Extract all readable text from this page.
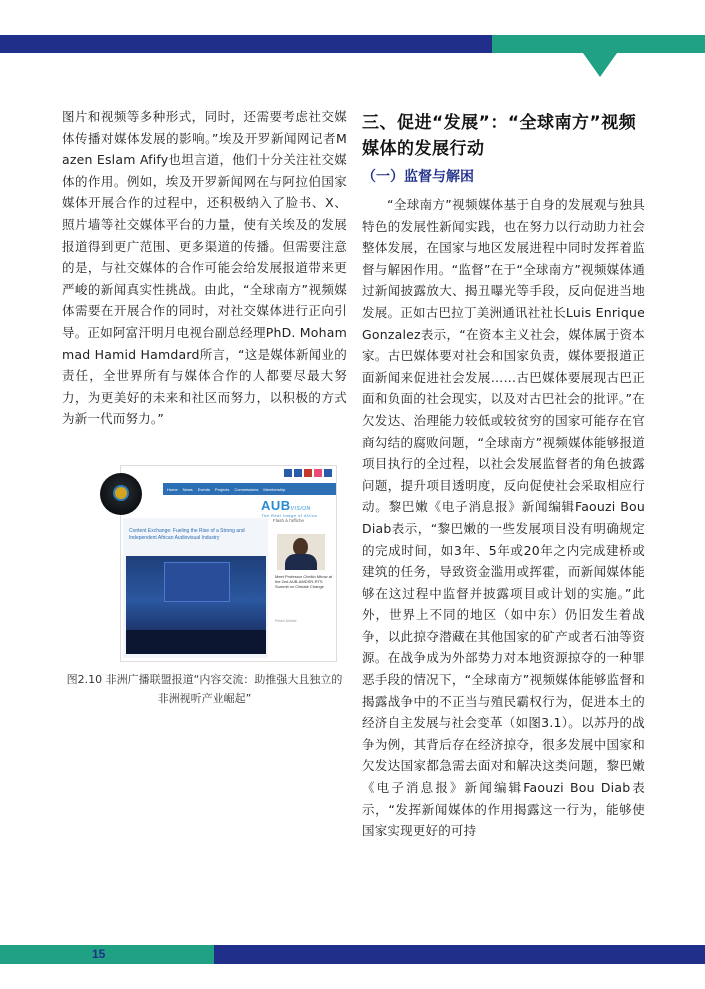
图片和视频等多种形式，同时，还需要考虑社交媒体传播对媒体发展的影响。”埃及开罗新闻网记者Mazen Eslam Afify也坦言道，他们十分关注社交媒体的作用。例如，埃及开罗新闻网在与阿拉伯国家媒体开展合作的过程中，还积极纳入了脸书、X、照片墙等社交媒体平台的力量，使有关埃及的发展报道得到更广范围、更多渠道的传播。但需要注意的是，与社交媒体的合作可能会给发展报道带来更严峻的新闻真实性挑战。由此，“全球南方”视频媒体需要在开展合作的同时，对社交媒体进行正向引导。正如阿富汗明月电视台副总经理PhD. Mohammad Hamid Hamdard所言，“这是媒体新闻业的责任，全世界所有与媒体合作的人都要尽最大努力，为更美好的未来和社区而努力，以积极的方式为新一代而努力。”

Home News Events Projects Commissions Membership
AUBVISION
The Real Image of Africa
Content Exchange: Fueling the Rise of a Strong and Independent African Audiovisual Industry
Flash à l'affiche
Meet Professor Cheikh Mbow at the 2nd AUB-AMDSR-RTS Summit on Climate Change
Read Article
图2.10 非洲广播联盟报道“内容交流：助推强大且独立的非洲视听产业崛起”
三、促进“发展”：“全球南方”视频媒体的发展行动
（一）监督与解困

“全球南方”视频媒体基于自身的发展观与独具特色的发展性新闻实践，也在努力以行动助力社会整体发展，在国家与地区发展进程中同时发挥着监督与解困作用。“监督”在于“全球南方”视频媒体通过新闻披露放大、揭丑曝光等手段，反向促进当地发展。正如古巴拉丁美洲通讯社社长Luis Enrique Gonzalez表示，“在资本主义社会，媒体属于资本家。古巴媒体要对社会和国家负责，媒体要报道正面新闻来促进社会发展……古巴媒体要展现古巴正面和负面的社会现实，以及对古巴社会的批评。”在欠发达、治理能力较低或较贫穷的国家可能存在官商勾结的腐败问题，“全球南方”视频媒体能够报道项目执行的全过程，以社会发展监督者的角色披露问题，提升项目透明度，反向促使社会采取相应行动。黎巴嫩《电子消息报》新闻编辑Faouzi Bou Diab表示，“黎巴嫩的一些发展项目没有明确规定的完成时间，如3年、5年或20年之内完成建桥或建筑的任务，导致资金滥用或挥霍，而新闻媒体能够在这过程中监督并披露项目或计划的实施。”此外，世界上不同的地区（如中东）仍旧发生着战争，以此掠夺潜藏在其他国家的矿产或者石油等资源。在战争成为外部势力对本地资源掠夺的一种罪恶手段的情况下，“全球南方”视频媒体能够监督和揭露战争中的不正当与殖民霸权行为，促进本土的经济自主发展与社会变革（如图3.1）。以苏丹的战争为例，其背后存在经济掠夺，很多发展中国家和欠发达国家都急需去面对和解决这类问题，黎巴嫩《电子消息报》新闻编辑Faouzi Bou Diab表示，“发挥新闻媒体的作用揭露这一行为，能够使国家实现更好的可持

15
